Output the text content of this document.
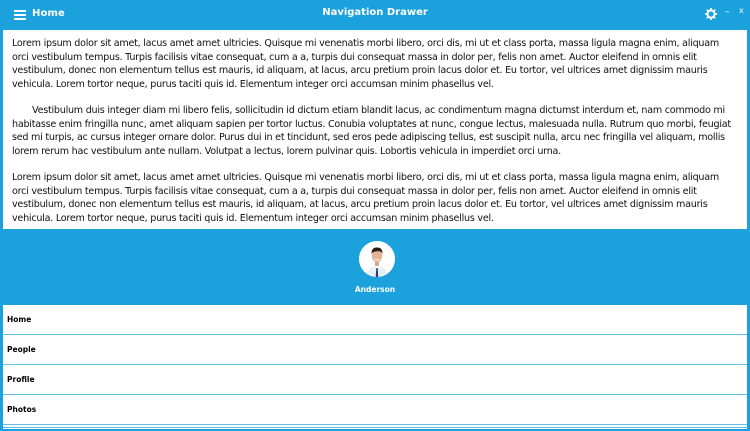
Home	Navigation Drawer	– x

Lorem ipsum dolor sit amet, lacus amet amet ultricies. Quisque mi venenatis morbi libero, orci dis, mi ut et class porta, massa ligula magna enim, aliquam orci vestibulum tempus. Turpis facilisis vitae consequat, cum a a, turpis dui consequat massa in dolor per, felis non amet. Auctor eleifend in omnis elit vestibulum, donec non elementum tellus est mauris, id aliquam, at lacus, arcu pretium proin lacus dolor et. Eu tortor, vel ultrices amet dignissim mauris vehicula. Lorem tortor neque, purus taciti quis id. Elementum integer orci accumsan minim phasellus vel.

Vestibulum duis integer diam mi libero felis, sollicitudin id dictum etiam blandit lacus, ac condimentum magna dictumst interdum et, nam commodo mi habitasse enim fringilla nunc, amet aliquam sapien per tortor luctus. Conubia voluptates at nunc, congue lectus, malesuada nulla. Rutrum quo morbi, feugiat sed mi turpis, ac cursus integer ornare dolor. Purus dui in et tincidunt, sed eros pede adipiscing tellus, est suscipit nulla, arcu nec fringilla vel aliquam, mollis lorem rerum hac vestibulum ante nullam. Volutpat a lectus, lorem pulvinar quis. Lobortis vehicula in imperdiet orci urna.

Lorem ipsum dolor sit amet, lacus amet amet ultricies. Quisque mi venenatis morbi libero, orci dis, mi ut et class porta, massa ligula magna enim, aliquam orci vestibulum tempus. Turpis facilisis vitae consequat, cum a a, turpis dui consequat massa in dolor per, felis non amet. Auctor eleifend in omnis elit vestibulum, donec non elementum tellus est mauris, id aliquam, at lacus, arcu pretium proin lacus dolor et. Eu tortor, vel ultrices amet dignissim mauris vehicula. Lorem tortor neque, purus taciti quis id. Elementum integer orci accumsan minim phasellus vel.

Anderson
Home
People
Profile
Photos
